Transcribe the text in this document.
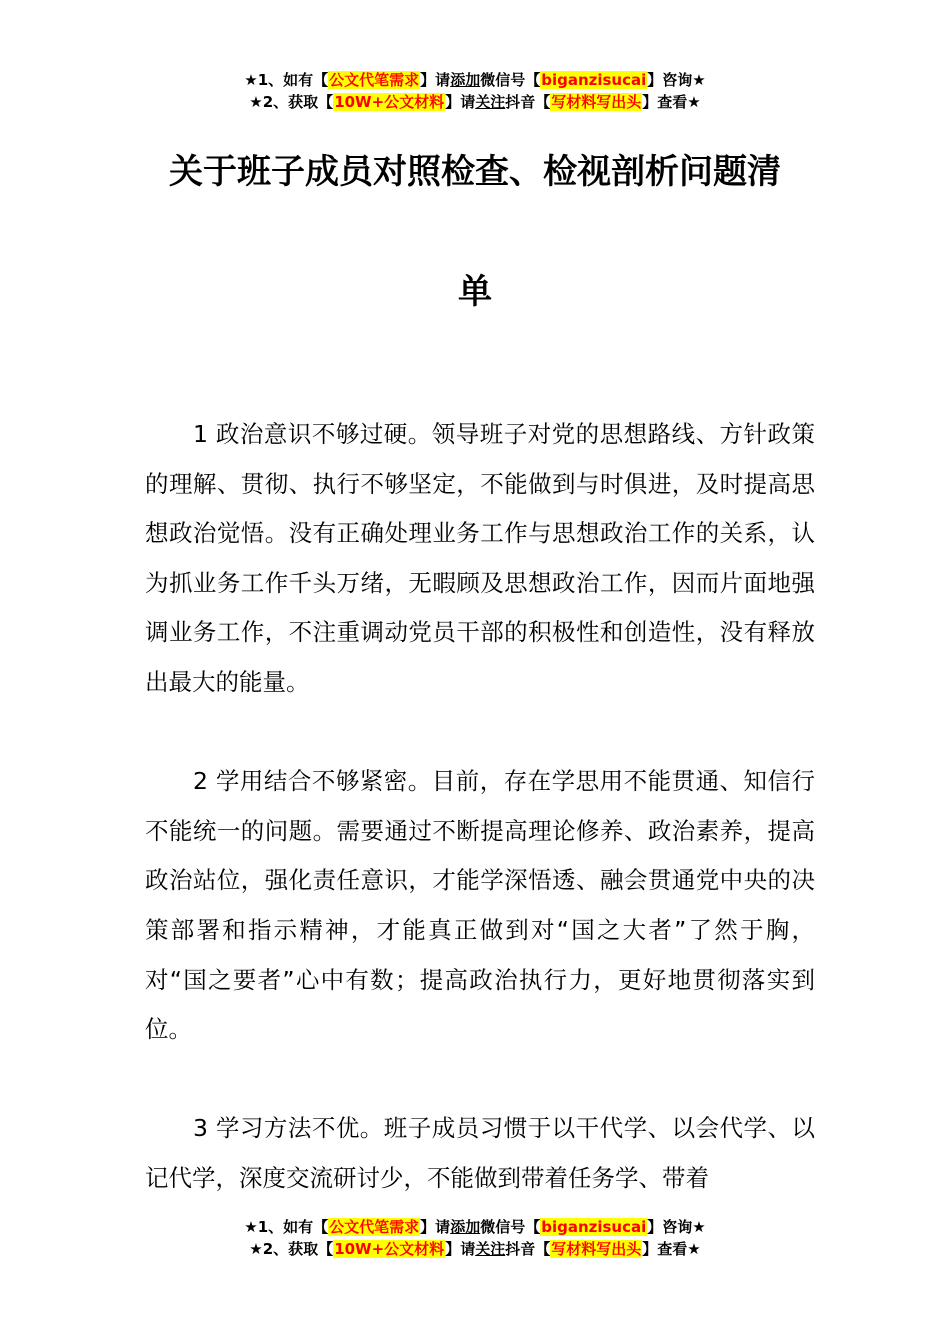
★1、如有【公文代笔需求】请添加微信号【biganzisucai】咨询★
★2、获取【10W+公文材料】请关注抖音【写材料写出头】查看★
关于班子成员对照检查、检视剖析问题清
单

1 政治意识不够过硬。领导班子对党的思想路线、方针政策的理解、贯彻、执行不够坚定，不能做到与时俱进，及时提高思想政治觉悟。没有正确处理业务工作与思想政治工作的关系，认为抓业务工作千头万绪，无暇顾及思想政治工作，因而片面地强调业务工作，不注重调动党员干部的积极性和创造性，没有释放出最大的能量。

2 学用结合不够紧密。目前，存在学思用不能贯通、知信行不能统一的问题。需要通过不断提高理论修养、政治素养，提高政治站位，强化责任意识，才能学深悟透、融会贯通党中央的决策部署和指示精神，才能真正做到对“国之大者”了然于胸，对“国之要者”心中有数；提高政治执行力，更好地贯彻落实到位。

3 学习方法不优。班子成员习惯于以干代学、以会代学、以记代学，深度交流研讨少，不能做到带着任务学、带着

★1、如有【公文代笔需求】请添加微信号【biganzisucai】咨询★
★2、获取【10W+公文材料】请关注抖音【写材料写出头】查看★
